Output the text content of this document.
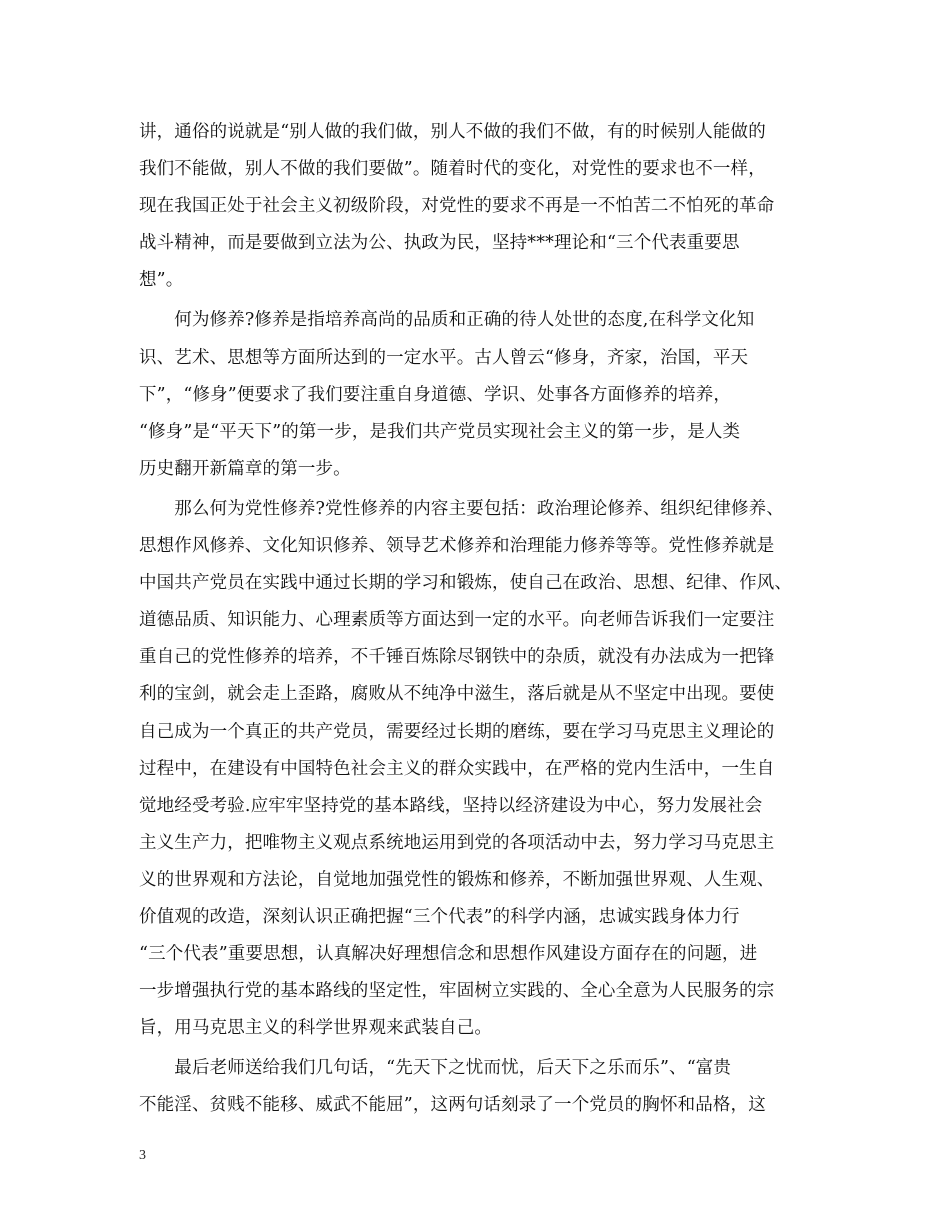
讲，通俗的说就是“别人做的我们做，别人不做的我们不做，有的时候别人能做的
我们不能做，别人不做的我们要做”。随着时代的变化，对党性的要求也不一样，
现在我国正处于社会主义初级阶段，对党性的要求不再是一不怕苦二不怕死的革命
战斗精神，而是要做到立法为公、执政为民，坚持***理论和“三个代表重要思
想”。
　　何为修养?修养是指培养高尚的品质和正确的待人处世的态度,在科学文化知
识、艺术、思想等方面所达到的一定水平。古人曾云“修身，齐家，治国，平天
下”，“修身”便要求了我们要注重自身道德、学识、处事各方面修养的培养，
“修身”是“平天下”的第一步，是我们共产党员实现社会主义的第一步，是人类
历史翻开新篇章的第一步。
　　那么何为党性修养?党性修养的内容主要包括：政治理论修养、组织纪律修养、
思想作风修养、文化知识修养、领导艺术修养和治理能力修养等等。党性修养就是
中国共产党员在实践中通过长期的学习和锻炼，使自己在政治、思想、纪律、作风、
道德品质、知识能力、心理素质等方面达到一定的水平。向老师告诉我们一定要注
重自己的党性修养的培养，不千锤百炼除尽钢铁中的杂质，就没有办法成为一把锋
利的宝剑，就会走上歪路，腐败从不纯净中滋生，落后就是从不坚定中出现。要使
自己成为一个真正的共产党员，需要经过长期的磨练，要在学习马克思主义理论的
过程中，在建设有中国特色社会主义的群众实践中，在严格的党内生活中，一生自
觉地经受考验.应牢牢坚持党的基本路线，坚持以经济建设为中心，努力发展社会
主义生产力，把唯物主义观点系统地运用到党的各项活动中去，努力学习马克思主
义的世界观和方法论，自觉地加强党性的锻炼和修养，不断加强世界观、人生观、
价值观的改造，深刻认识正确把握“三个代表”的科学内涵，忠诚实践身体力行
“三个代表”重要思想，认真解决好理想信念和思想作风建设方面存在的问题，进
一步增强执行党的基本路线的坚定性，牢固树立实践的、全心全意为人民服务的宗
旨，用马克思主义的科学世界观来武装自己。
　　最后老师送给我们几句话，“先天下之忧而忧，后天下之乐而乐”、“富贵
不能淫、贫贱不能移、威武不能屈”，这两句话刻录了一个党员的胸怀和品格，这
3
